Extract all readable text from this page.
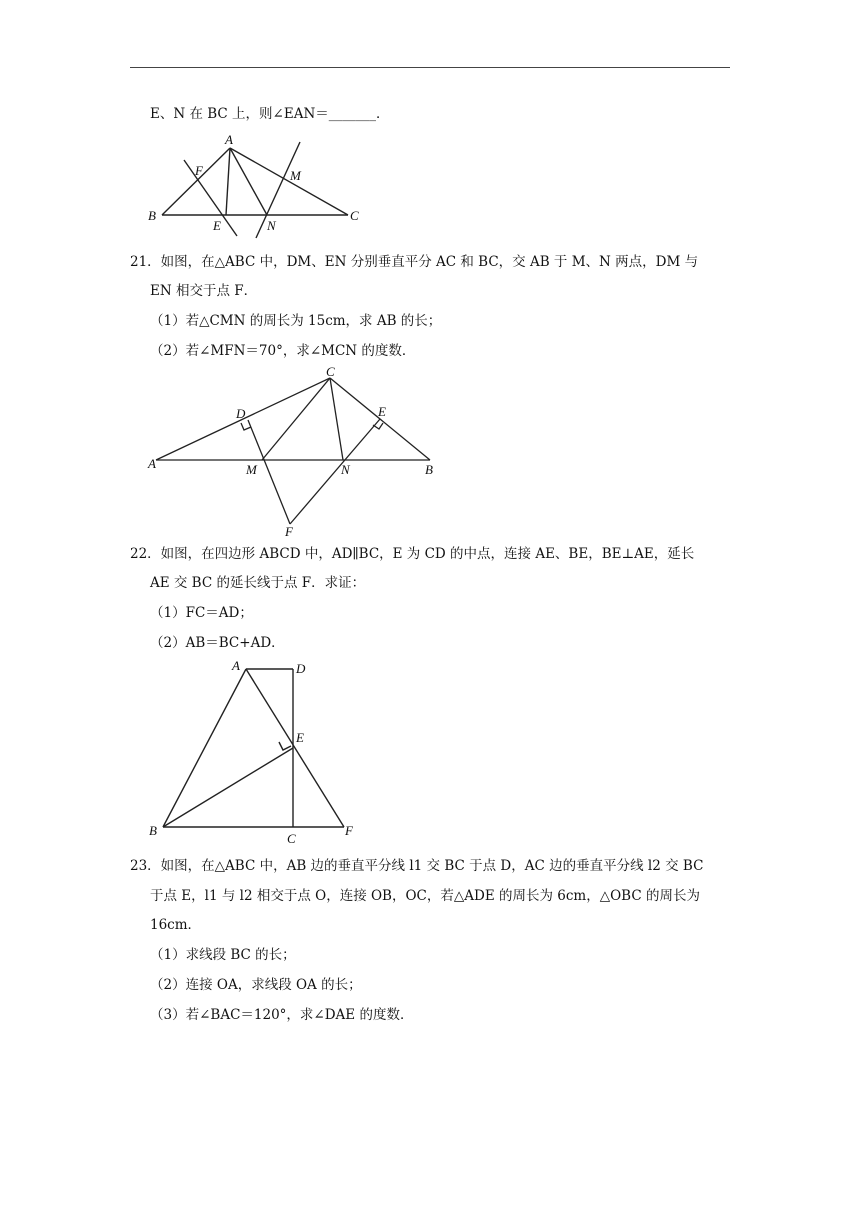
E、N 在 BC 上，则∠EAN＝_______．
A
B	C
E
F	M
N
21．如图，在△ABC 中，DM、EN 分别垂直平分 AC 和 BC，交 AB 于 M、N 两点，DM 与
EN 相交于点 F．
（1）若△CMN 的周长为 15cm，求 AB 的长；
（2）若∠MFN＝70°，求∠MCN 的度数．
C
D	E
A	M	N	B
F
22．如图，在四边形 ABCD 中，AD∥BC，E 为 CD 的中点，连接 AE、BE，BE⊥AE，延长
AE 交 BC 的延长线于点 F．求证：
（1）FC＝AD；
（2）AB＝BC+AD．
A	D
E
B
C
F
23．如图，在△ABC 中，AB 边的垂直平分线 l1 交 BC 于点 D，AC 边的垂直平分线 l2 交 BC
于点 E，l1 与 l2 相交于点 O，连接 OB，OC，若△ADE 的周长为 6cm，△OBC 的周长为
16cm．
（1）求线段 BC 的长；
（2）连接 OA，求线段 OA 的长；
（3）若∠BAC＝120°，求∠DAE 的度数．
